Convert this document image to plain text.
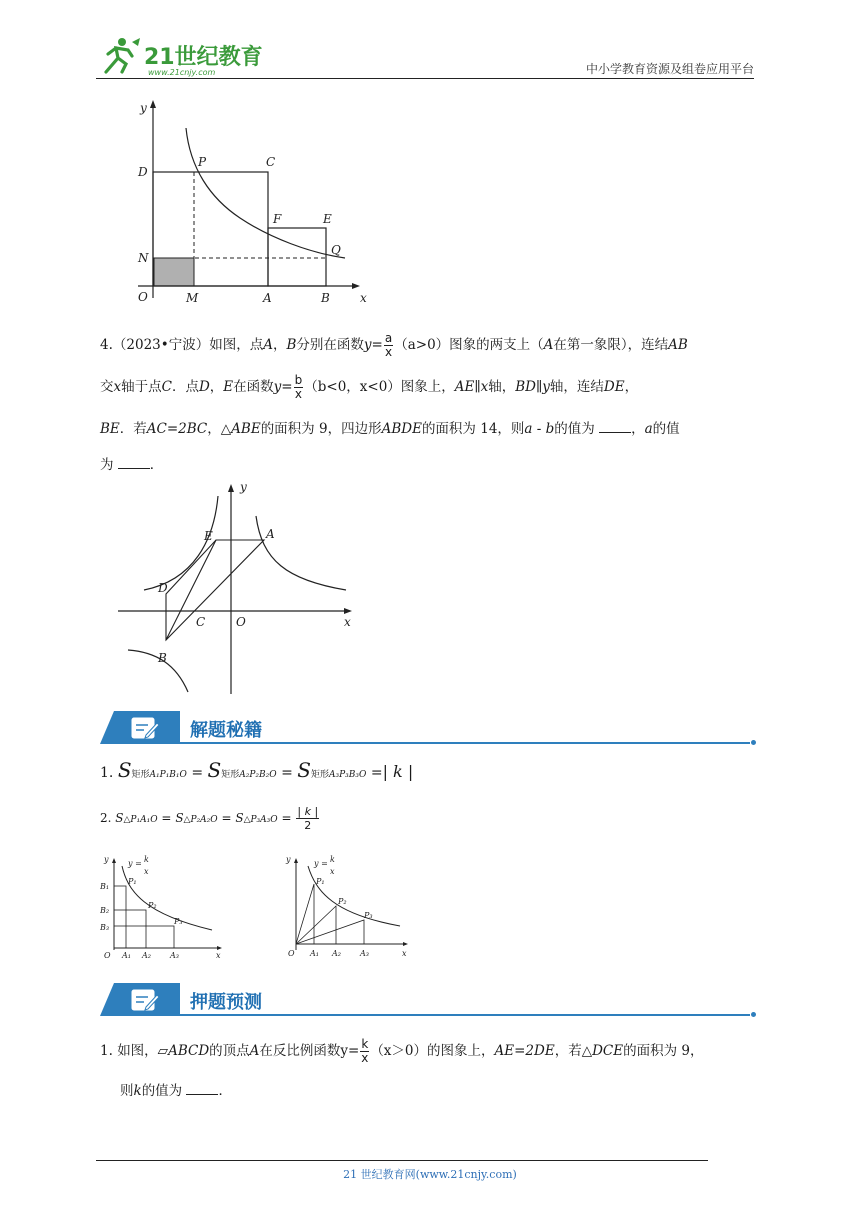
21世纪教育
www.21cnjy.com	中小学教育资源及组卷应用平台
y
x
O
D
P	C
F	E
N
Q
M	A	B
4.（2023•宁波）如图，点A，B分别在函数$y= \frac{a}{x} (a>0)$图象的两支上（A在第一象限），连结AB
交x轴于点C．点D，E在函数$y= \frac{b}{x} (b<0$，x<0）图象上，AE∥x轴，BD∥y轴，连结DE，
BE．若AC=2BC，△ABE的面积为 9，四边形ABDE的面积为 14，则a - b的值为	，a的值
为	．
y
x
E	A
D
C	O
B
解题秘籍
1. S矩形A₁P₁B₁O = S矩形A₂P₂B₂O = S矩形A₃P₃B₃O =| k |
2. S△P₁A₁O = S△P₂A₂O = S△P₃A₃O = $\frac{| k |}{2}$
y
x
O
B₁
B₂
B₃
A₁ A₂ A₃
P₁
P₂
P₃
y = k
x
y
x
O A₁ A₂ A₃
P₁
P₂
P₃
y = k
x
押题预测
1. 如图，▱ABCD的顶点A在反比例函数$y= \frac{k}{x} (x>0)$的图象上，AE=2DE，若△DCE的面积为 9，
则k的值为	．
21 世纪教育网(www.21cnjy.com)
